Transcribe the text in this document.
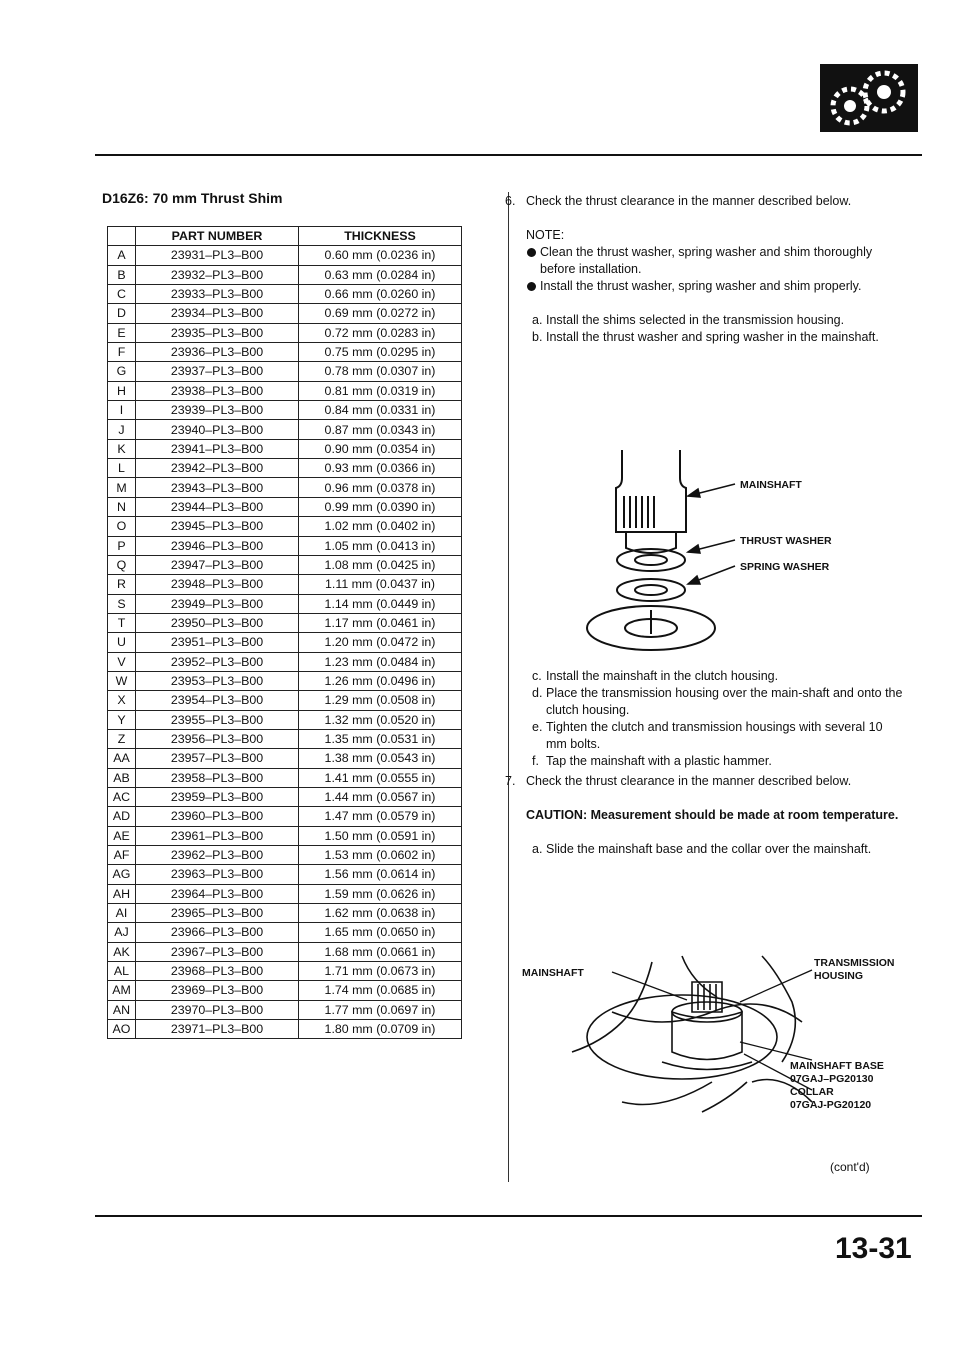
D16Z6: 70 mm Thrust Shim
	PART NUMBER	THICKNESS
A	23931–PL3–B00	0.60 mm (0.0236 in)
B	23932–PL3–B00	0.63 mm (0.0284 in)
C	23933–PL3–B00	0.66 mm (0.0260 in)
D	23934–PL3–B00	0.69 mm (0.0272 in)
E	23935–PL3–B00	0.72 mm (0.0283 in)
F	23936–PL3–B00	0.75 mm (0.0295 in)
G	23937–PL3–B00	0.78 mm (0.0307 in)
H	23938–PL3–B00	0.81 mm (0.0319 in)
I	23939–PL3–B00	0.84 mm (0.0331 in)
J	23940–PL3–B00	0.87 mm (0.0343 in)
K	23941–PL3–B00	0.90 mm (0.0354 in)
L	23942–PL3–B00	0.93 mm (0.0366 in)
M	23943–PL3–B00	0.96 mm (0.0378 in)
N	23944–PL3–B00	0.99 mm (0.0390 in)
O	23945–PL3–B00	1.02 mm (0.0402 in)
P	23946–PL3–B00	1.05 mm (0.0413 in)
Q	23947–PL3–B00	1.08 mm (0.0425 in)
R	23948–PL3–B00	1.11 mm (0.0437 in)
S	23949–PL3–B00	1.14 mm (0.0449 in)
T	23950–PL3–B00	1.17 mm (0.0461 in)
U	23951–PL3–B00	1.20 mm (0.0472 in)
V	23952–PL3–B00	1.23 mm (0.0484 in)
W	23953–PL3–B00	1.26 mm (0.0496 in)
X	23954–PL3–B00	1.29 mm (0.0508 in)
Y	23955–PL3–B00	1.32 mm (0.0520 in)
Z	23956–PL3–B00	1.35 mm (0.0531 in)
AA	23957–PL3–B00	1.38 mm (0.0543 in)
AB	23958–PL3–B00	1.41 mm (0.0555 in)
AC	23959–PL3–B00	1.44 mm (0.0567 in)
AD	23960–PL3–B00	1.47 mm (0.0579 in)
AE	23961–PL3–B00	1.50 mm (0.0591 in)
AF	23962–PL3–B00	1.53 mm (0.0602 in)
AG	23963–PL3–B00	1.56 mm (0.0614 in)
AH	23964–PL3–B00	1.59 mm (0.0626 in)
AI	23965–PL3–B00	1.62 mm (0.0638 in)
AJ	23966–PL3–B00	1.65 mm (0.0650 in)
AK	23967–PL3–B00	1.68 mm (0.0661 in)
AL	23968–PL3–B00	1.71 mm (0.0673 in)
AM	23969–PL3–B00	1.74 mm (0.0685 in)
AN	23970–PL3–B00	1.77 mm (0.0697 in)
AO	23971–PL3–B00	1.80 mm (0.0709 in)
6. Check the thrust clearance in the manner described below.

NOTE:

Clean the thrust washer, spring washer and shim thoroughly before installation.
Install the thrust washer, spring washer and shim properly.

a. Install the shims selected in the transmission housing.

b. Install the thrust washer and spring washer in the mainshaft.

MAINSHAFT
THRUST WASHER
SPRING WASHER

c. Install the mainshaft in the clutch housing.

d. Place the transmission housing over the main-shaft and onto the clutch housing.

e. Tighten the clutch and transmission housings with several 10 mm bolts.

f. Tap the mainshaft with a plastic hammer.

7. Check the thrust clearance in the manner described below.

CAUTION: Measurement should be made at room temperature.

a. Slide the mainshaft base and the collar over the mainshaft.

MAINSHAFT
TRANSMISSION
HOUSING
MAINSHAFT BASE
07GAJ–PG20130
COLLAR
07GAJ-PG20120
(cont'd)
13-31
